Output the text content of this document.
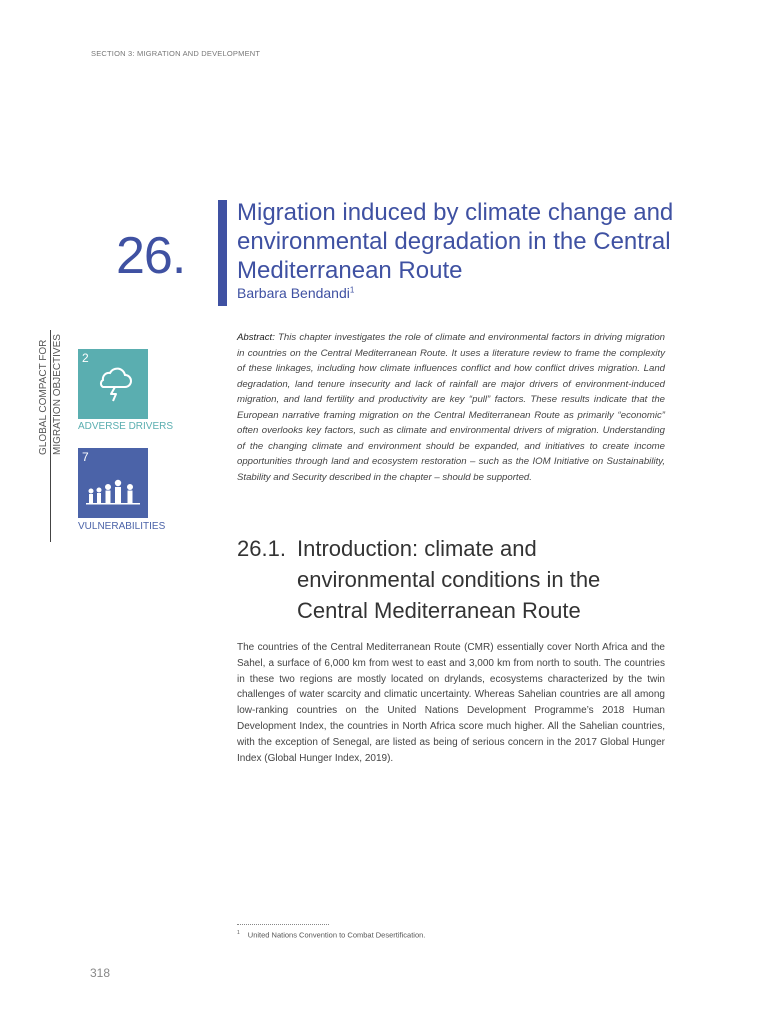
SECTION 3: MIGRATION AND DEVELOPMENT
26.
Migration induced by climate change and environmental degradation in the Central Mediterranean Route
Barbara Bendandi$^1$
GLOBAL COMPACT FOR MIGRATION OBJECTIVES 2
ADVERSE DRIVERS
7
VULNERABILITIES
Abstract: This chapter investigates the role of climate and environmental factors in driving migration in countries on the Central Mediterranean Route. It uses a literature review to frame the complexity of these linkages, including how climate influences conflict and how conflict drives migration. Land degradation, land tenure insecurity and lack of rainfall are major drivers of environment-induced migration, and land fertility and productivity are key “pull” factors. These results indicate that the European narrative framing migration on the Central Mediterranean Route as primarily “economic” often overlooks key factors, such as climate and environmental drivers of migration. Understanding of the changing climate and environment should be expanded, and initiatives to create income opportunities through land and ecosystem restoration – such as the IOM Initiative on Sustainability, Stability and Security described in the chapter – should be supported.
26.1. Introduction: climate and environmental conditions in the Central Mediterranean Route

The countries of the Central Mediterranean Route (CMR) essentially cover North Africa and the Sahel, a surface of 6,000 km from west to east and 3,000 km from north to south. The countries in these two regions are mostly located on drylands, ecosystems characterized by the twin challenges of water scarcity and climatic uncertainty. Whereas Sahelian countries are all among low-ranking countries on the United Nations Development Programme’s 2018 Human Development Index, the countries in North Africa score much higher. All the Sahelian countries, with the exception of Senegal, are listed as being of serious concern in the 2017 Global Hunger Index (Global Hunger Index, 2019).

$^1$ United Nations Convention to Combat Desertification.
318
